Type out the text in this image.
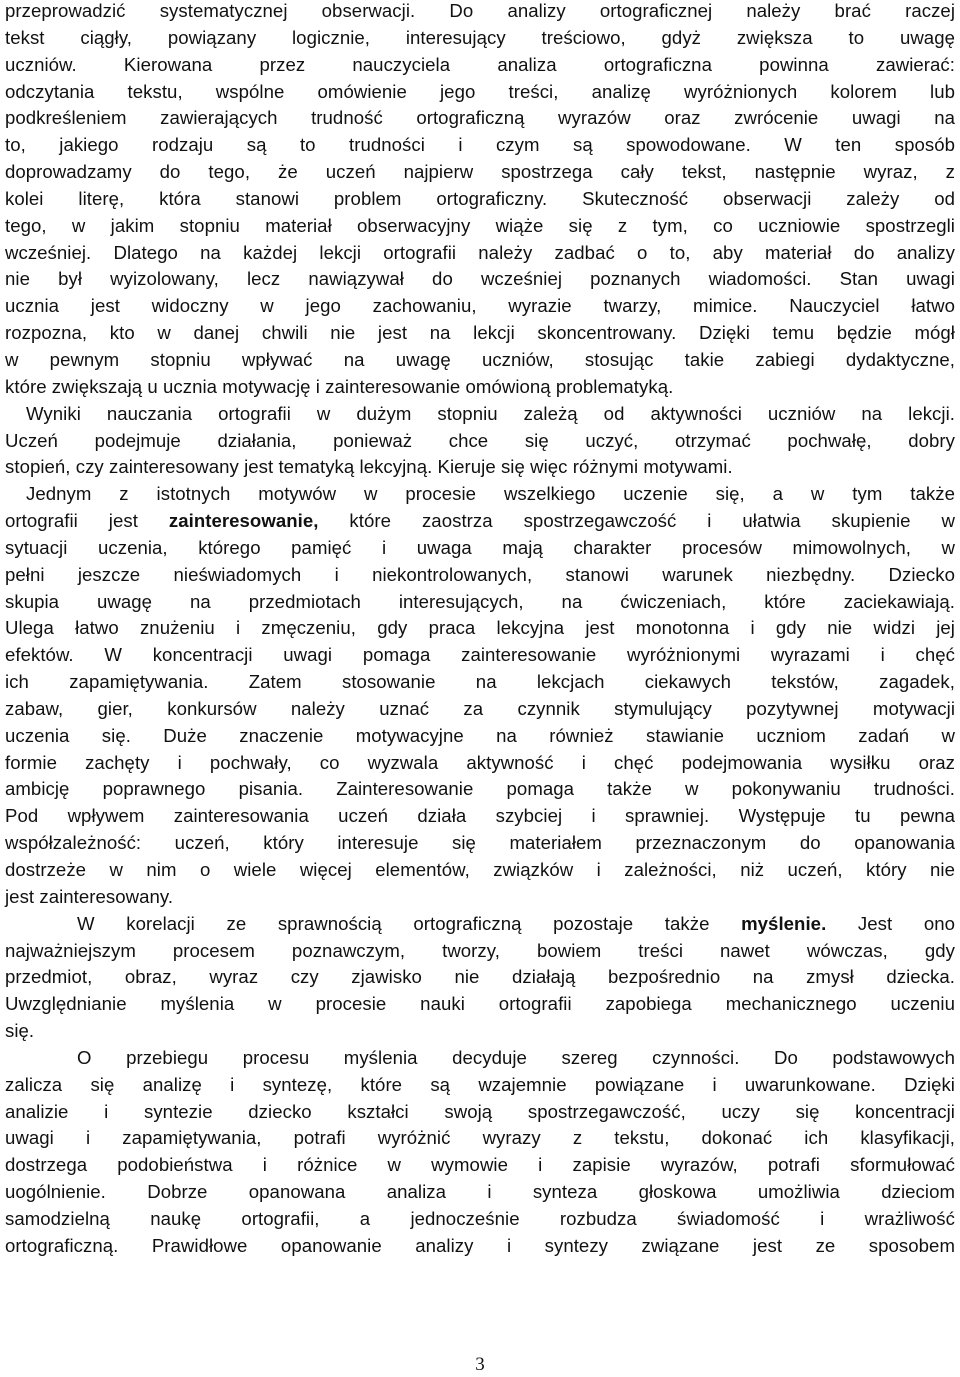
przeprowadzić systematycznej obserwacji. Do analizy ortograficznej należy brać raczej
tekst ciągły, powiązany logicznie, interesujący treściowo, gdyż zwiększa to uwagę
uczniów. Kierowana przez nauczyciela analiza ortograficzna powinna zawierać:
odczytania tekstu, wspólne omówienie jego treści, analizę wyróżnionych kolorem lub
podkreśleniem zawierających trudność ortograficzną wyrazów oraz zwrócenie uwagi na
to, jakiego rodzaju są to trudności i czym są spowodowane. W ten sposób
doprowadzamy do tego, że uczeń najpierw spostrzega cały tekst, następnie wyraz, z
kolei literę, która stanowi problem ortograficzny. Skuteczność obserwacji zależy od
tego, w jakim stopniu materiał obserwacyjny wiąże się z tym, co uczniowie spostrzegli
wcześniej. Dlatego na każdej lekcji ortografii należy zadbać o to, aby materiał do analizy
nie był wyizolowany, lecz nawiązywał do wcześniej poznanych wiadomości. Stan uwagi
ucznia jest widoczny w jego zachowaniu, wyrazie twarzy, mimice. Nauczyciel łatwo
rozpozna, kto w danej chwili nie jest na lekcji skoncentrowany. Dzięki temu będzie mógł
w pewnym stopniu wpływać na uwagę uczniów, stosując takie zabiegi dydaktyczne,
które zwiększają u ucznia motywację i zainteresowanie omówioną problematyką.
Wyniki nauczania ortografii w dużym stopniu zależą od aktywności uczniów na lekcji.
Uczeń podejmuje działania, ponieważ chce się uczyć, otrzymać pochwałę, dobry
stopień, czy zainteresowany jest tematyką lekcyjną. Kieruje się więc różnymi motywami.
Jednym z istotnych motywów w procesie wszelkiego uczenie się, a w tym także
ortografii jest zainteresowanie, które zaostrza spostrzegawczość i ułatwia skupienie w
sytuacji uczenia, którego pamięć i uwaga mają charakter procesów mimowolnych, w
pełni jeszcze nieświadomych i niekontrolowanych, stanowi warunek niezbędny. Dziecko
skupia uwagę na przedmiotach interesujących, na ćwiczeniach, które zaciekawiają.
Ulega łatwo znużeniu i zmęczeniu, gdy praca lekcyjna jest monotonna i gdy nie widzi jej
efektów. W koncentracji uwagi pomaga zainteresowanie wyróżnionymi wyrazami i chęć
ich zapamiętywania. Zatem stosowanie na lekcjach ciekawych tekstów, zagadek,
zabaw, gier, konkursów należy uznać za czynnik stymulujący pozytywnej motywacji
uczenia się. Duże znaczenie motywacyjne na również stawianie uczniom zadań w
formie zachęty i pochwały, co wyzwala aktywność i chęć podejmowania wysiłku oraz
ambicję poprawnego pisania. Zainteresowanie pomaga także w pokonywaniu trudności.
Pod wpływem zainteresowania uczeń działa szybciej i sprawniej. Występuje tu pewna
współzależność: uczeń, który interesuje się materiałem przeznaczonym do opanowania
dostrzeże w nim o wiele więcej elementów, związków i zależności, niż uczeń, który nie
jest zainteresowany.
W korelacji ze sprawnością ortograficzną pozostaje także myślenie. Jest ono
najważniejszym procesem poznawczym, tworzy, bowiem treści nawet wówczas, gdy
przedmiot, obraz, wyraz czy zjawisko nie działają bezpośrednio na zmysł dziecka.
Uwzględnianie myślenia w procesie nauki ortografii zapobiega mechanicznego uczeniu
się.
O przebiegu procesu myślenia decyduje szereg czynności. Do podstawowych
zalicza się analizę i syntezę, które są wzajemnie powiązane i uwarunkowane. Dzięki
analizie i syntezie dziecko kształci swoją spostrzegawczość, uczy się koncentracji
uwagi i zapamiętywania, potrafi wyróżnić wyrazy z tekstu, dokonać ich klasyfikacji,
dostrzega podobieństwa i różnice w wymowie i zapisie wyrazów, potrafi sformułować
uogólnienie. Dobrze opanowana analiza i synteza głoskowa umożliwia dzieciom
samodzielną naukę ortografii, a jednocześnie rozbudza świadomość i wrażliwość
ortograficzną. Prawidłowe opanowanie analizy i syntezy związane jest ze sposobem
3
